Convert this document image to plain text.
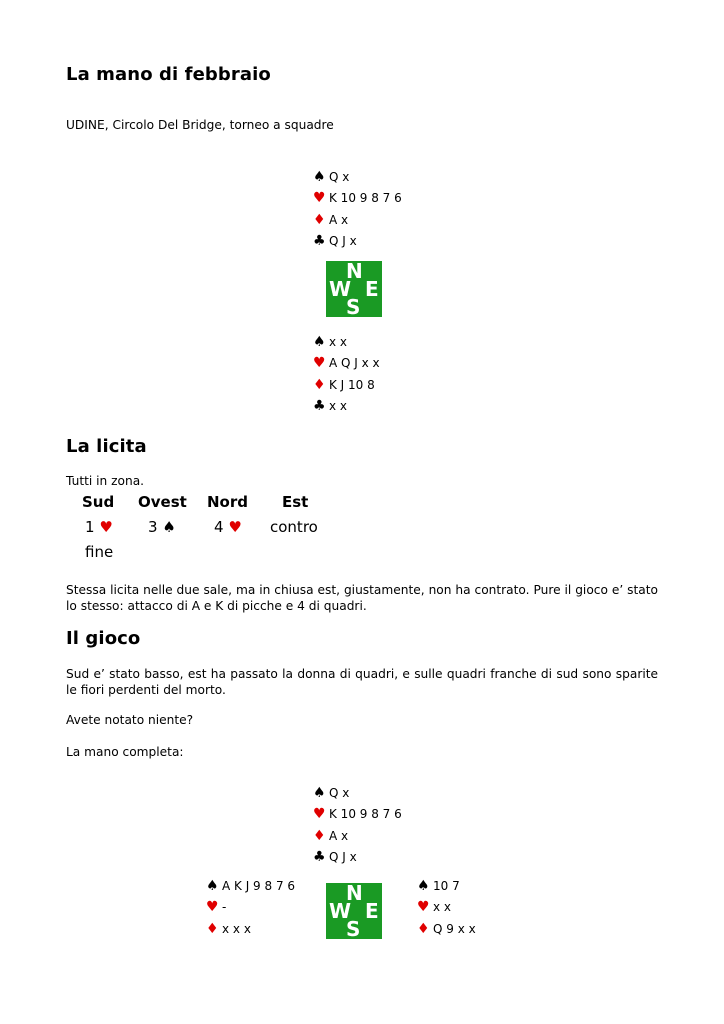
La mano di febbraio

UDINE, Circolo Del Bridge, torneo a squadre

♠ Q x
♥ K 10 9 8 7 6
♦ A x
♣ Q J x
N
W E
S
♠ x x
♥ A Q J x x
♦ K J 10 8
♣ x x
La licita

Tutti in zona.

Sud Ovest Nord Est
1 ♥ 3 ♠	4 ♥ contro
fine

Stessa licita nelle due sale, ma in chiusa est, giustamente, non ha contrato. Pure il gioco e’ stato lo stesso: attacco di A e K di picche e 4 di quadri.

Il gioco

Sud e’ stato basso, est ha passato la donna di quadri, e sulle quadri franche di sud sono sparite le fiori perdenti del morto.

Avete notato niente?

La mano completa:

♠ Q x
♥ K 10 9 8 7 6
♦ A x
♣ Q J x
♠ A K J 9 8 7 6
♥ -
♦ x x x
N
W E
S
♠ 10 7
♥ x x
♦ Q 9 x x
